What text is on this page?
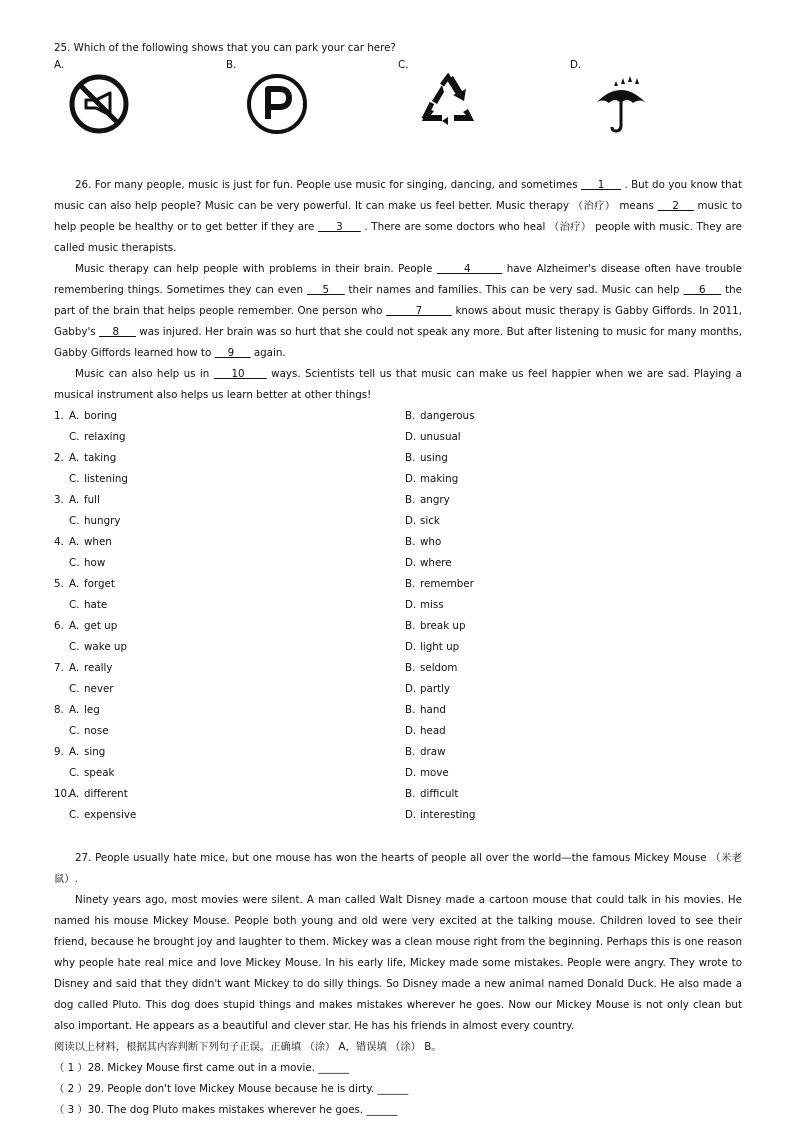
25. Which of the following shows that you can park your car here?
A.	B.	C.	D.

26. For many people, music is just for fun. People use music for singing, dancing, and sometimes      1      . But do you know that music can also help people? Music can be very powerful. It can make us feel better. Music therapy （治疗） means     2     music to help people be healthy or to get better if they are      3      . There are some doctors who heal （治疗） people with music. They are called music therapists.

Music therapy can help people with problems in their brain. People       4        have Alzheimer's disease often have trouble remembering things. Sometimes they can even     5     their names and families. This can be very sad. Music can help     6     the part of the brain that helps people remember. One person who         7         knows about music therapy is Gabby Giffords. In 2011, Gabby's     8      was injured. Her brain was so hurt that she could not speak any more. But after listening to music for many months, Gabby Giffords learned how to     9      again.

Music can also help us in     10      ways. Scientists tell us that music can make us feel happier when we are sad. Playing a musical instrument also helps us learn better at other things!

1. A. boring	B. dangerous
C. relaxing	D. unusual
2. A. taking	B. using
C. listening	D. making
3. A. full	B. angry
C. hungry	D. sick
4. A. when	B. who
C. how	D. where
5. A. forget	B. remember
C. hate	D. miss
6. A. get up	B. break up
C. wake up	D. light up
7. A. really	B. seldom
C. never	D. partly
8. A. leg	B. hand
C. nose	D. head
9. A. sing	B. draw
C. speak	D. move
10.A. different	B. difficult
C. expensive	D. interesting

27. People usually hate mice, but one mouse has won the hearts of people all over the world—the famous Mickey Mouse （米老鼠）.

Ninety years ago, most movies were silent. A man called Walt Disney made a cartoon mouse that could talk in his movies. He named his mouse Mickey Mouse. People both young and old were very excited at the talking mouse. Children loved to see their friend, because he brought joy and laughter to them. Mickey was a clean mouse right from the beginning. Perhaps this is one reason why people hate real mice and love Mickey Mouse. In his early life, Mickey made some mistakes. People were angry. They wrote to Disney and said that they didn't want Mickey to do silly things. So Disney made a new animal named Donald Duck. He also made a dog called Pluto. This dog does stupid things and makes mistakes wherever he goes. Now our Mickey Mouse is not only clean but also important. He appears as a beautiful and clever star. He has his friends in almost every country.

阅读以上材料，根据其内容判断下列句子正误。正确填 （涂） A，错误填 （涂） B。
（ 1 ）28. Mickey Mouse first came out in a movie. ______
（ 2 ）29. People don't love Mickey Mouse because he is dirty. ______
（ 3 ）30. The dog Pluto makes mistakes wherever he goes. ______
